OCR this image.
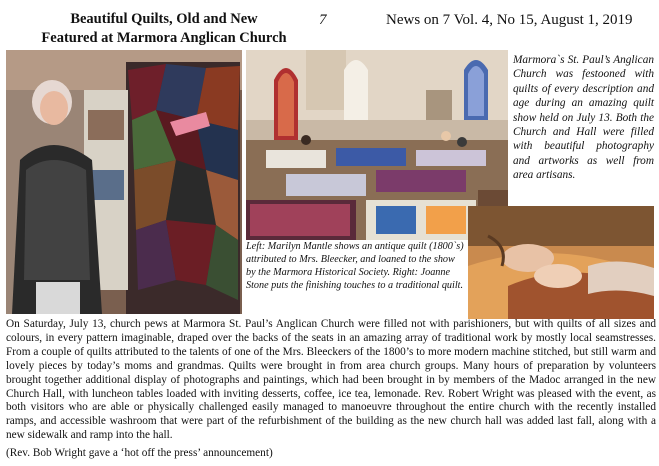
Beautiful Quilts, Old and New
Featured at Marmora Anglican Church
7	News on 7 Vol. 4, No 15, August 1, 2019
Marmora`s St. Paul’s Anglican Church was festooned with quilts of every description and age during an amazing quilt show held on July 13. Both the Church and Hall were filled with beautiful photography and artworks as well from area artisans.
Left: Marilyn Mantle shows an antique quilt (1800`s) attributed to Mrs. Bleecker, and loaned to the show by the Marmora Historical Society. Right: Joanne Stone puts the finishing touches to a traditional quilt.
On Saturday, July 13, church pews at Marmora St. Paul’s Anglican Church were filled not with parishioners, but with quilts of all sizes and colours, in every pattern imaginable, draped over the backs of the seats in an amazing array of traditional work by mostly local seamstresses. From a couple of quilts attributed to the talents of one of the Mrs. Bleeckers of the 1800’s to more modern machine stitched, but still warm and lovely pieces by today’s moms and grandmas. Quilts were brought in from area church groups. Many hours of preparation by volunteers brought together additional display of photographs and paintings, which had been brought in by members of the Madoc arranged in the new Church Hall, with luncheon tables loaded with inviting desserts, coffee, ice tea, lemonade. Rev. Robert Wright was pleased with the event, as both visitors who are able or physically challenged easily managed to manoeuvre throughout the entire church with the recently installed ramps, and accessible washroom that were part of the refurbishment of the building as the new church hall was added last fall, along with a new sidewalk and ramp into the hall.
(Rev. Bob Wright gave a ‘hot off the press’ announcement)
